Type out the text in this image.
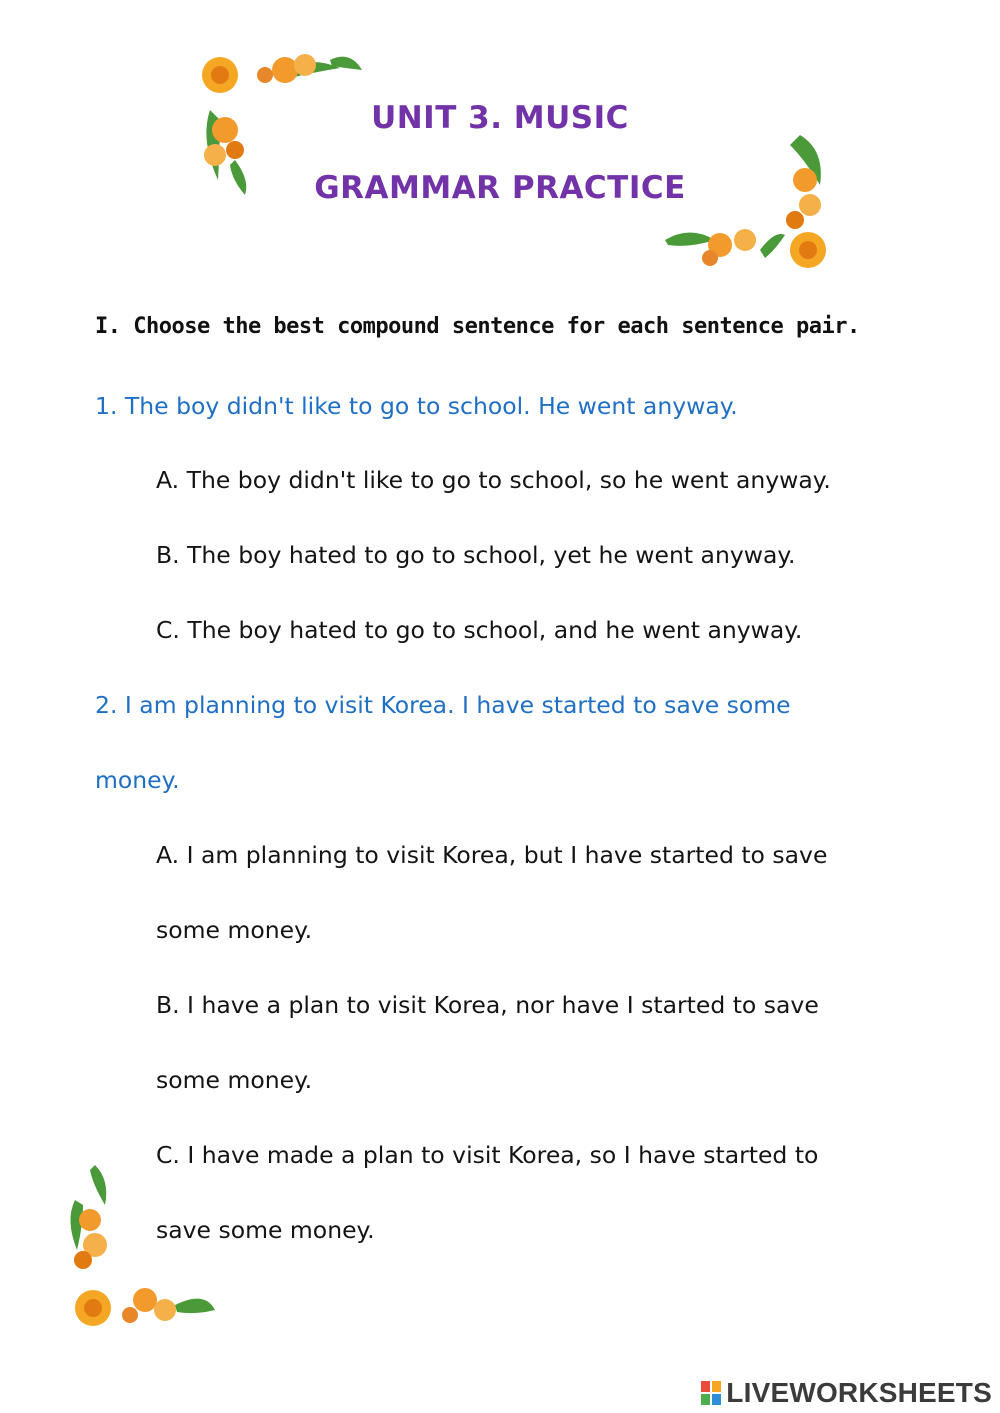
UNIT 3. MUSIC
GRAMMAR PRACTICE
I. Choose the best compound sentence for each sentence pair.
1. The boy didn't like to go to school. He went anyway.
A. The boy didn't like to go to school, so he went anyway.
B. The boy hated to go to school, yet he went anyway.
C. The boy hated to go to school, and he went anyway.
2. I am planning to visit Korea. I have started to save some
money.
A. I am planning to visit Korea, but I have started to save
some money.
B. I have a plan to visit Korea, nor have I started to save
some money.
C. I have made a plan to visit Korea, so I have started to
save some money.
LIVEWORKSHEETS
